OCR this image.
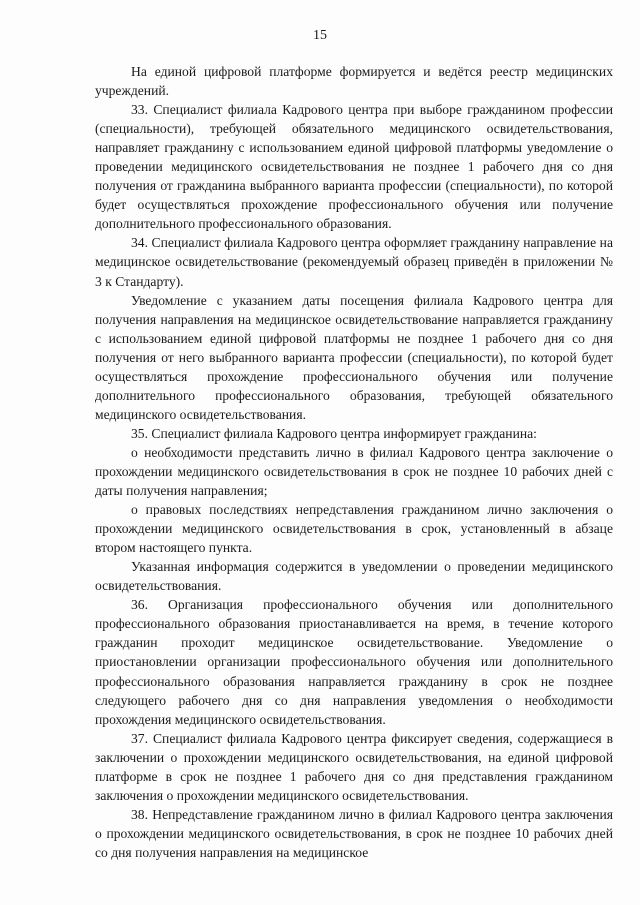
15

На единой цифровой платформе формируется и ведётся реестр медицинских учреждений.

33. Специалист филиала Кадрового центра при выборе гражданином профессии (специальности), требующей обязательного медицинского освидетельствования, направляет гражданину с использованием единой цифровой платформы уведомление о проведении медицинского освидетельствования не позднее 1 рабочего дня со дня получения от гражданина выбранного варианта профессии (специальности), по которой будет осуществляться прохождение профессионального обучения или получение дополнительного профессионального образования.

34. Специалист филиала Кадрового центра оформляет гражданину направление на медицинское освидетельствование (рекомендуемый образец приведён в приложении № 3 к Стандарту).

Уведомление с указанием даты посещения филиала Кадрового центра для получения направления на медицинское освидетельствование направляется гражданину с использованием единой цифровой платформы не позднее 1 рабочего дня со дня получения от него выбранного варианта профессии (специальности), по которой будет осуществляться прохождение профессионального обучения или получение дополнительного профессионального образования, требующей обязательного медицинского освидетельствования.

35. Специалист филиала Кадрового центра информирует гражданина:

о необходимости представить лично в филиал Кадрового центра заключение о прохождении медицинского освидетельствования в срок не позднее 10 рабочих дней с даты получения направления;

о правовых последствиях непредставления гражданином лично заключения о прохождении медицинского освидетельствования в срок, установленный в абзаце втором настоящего пункта.

Указанная информация содержится в уведомлении о проведении медицинского освидетельствования.

36. Организация профессионального обучения или дополнительного профессионального образования приостанавливается на время, в течение которого гражданин проходит медицинское освидетельствование. Уведомление о приостановлении организации профессионального обучения или дополнительного профессионального образования направляется гражданину в срок не позднее следующего рабочего дня со дня направления уведомления о необходимости прохождения медицинского освидетельствования.

37. Специалист филиала Кадрового центра фиксирует сведения, содержащиеся в заключении о прохождении медицинского освидетельствования, на единой цифровой платформе в срок не позднее 1 рабочего дня со дня представления гражданином заключения о прохождении медицинского освидетельствования.

38. Непредставление гражданином лично в филиал Кадрового центра заключения о прохождении медицинского освидетельствования, в срок не позднее 10 рабочих дней со дня получения направления на медицинское
